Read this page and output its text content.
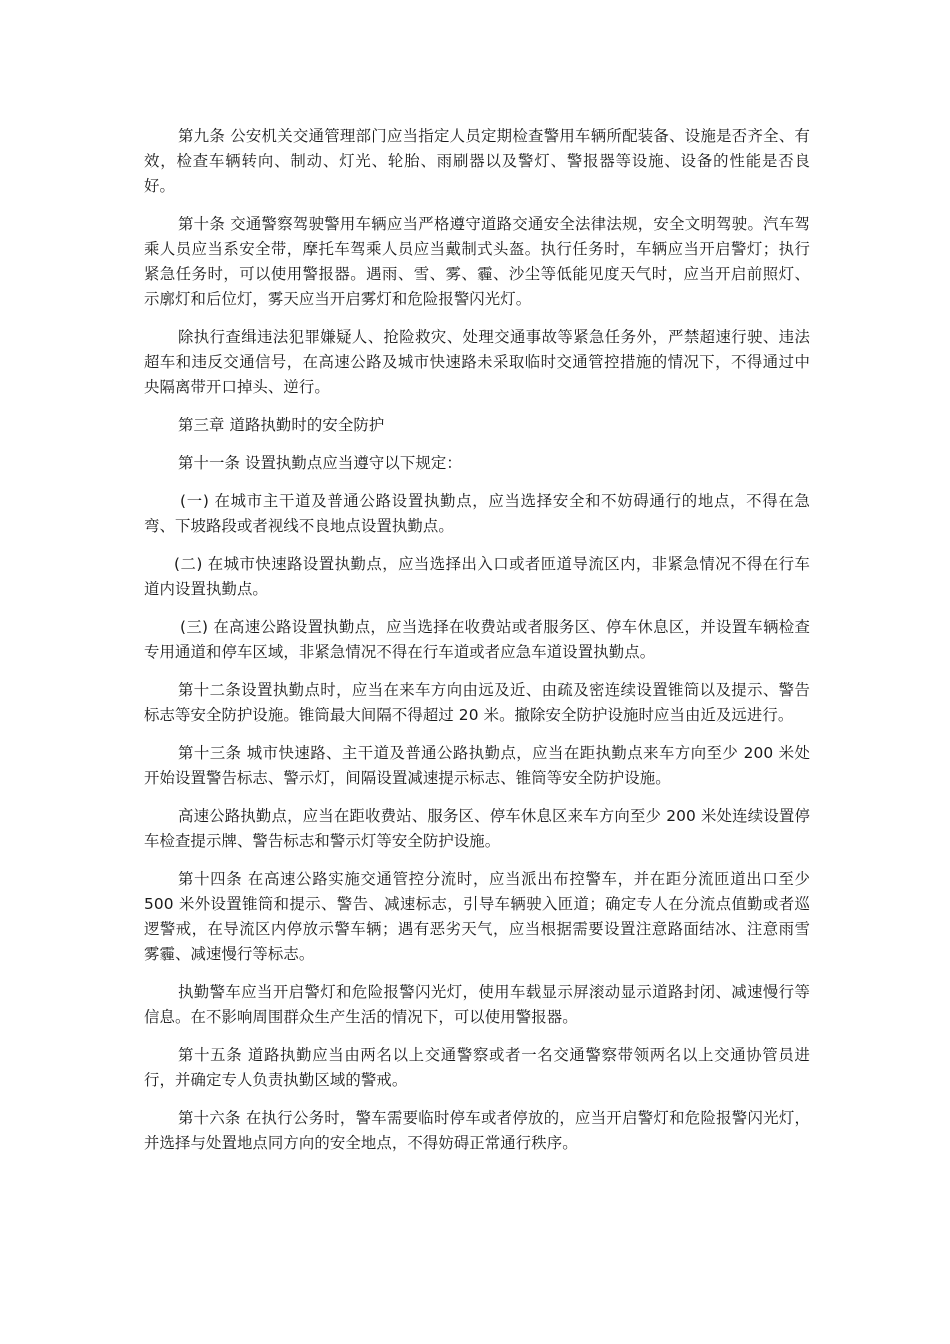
第九条 公安机关交通管理部门应当指定人员定期检查警用车辆所配装备、设施是否齐全、有效，检查车辆转向、制动、灯光、轮胎、雨刷器以及警灯、警报器等设施、设备的性能是否良好。

第十条 交通警察驾驶警用车辆应当严格遵守道路交通安全法律法规，安全文明驾驶。汽车驾乘人员应当系安全带，摩托车驾乘人员应当戴制式头盔。执行任务时，车辆应当开启警灯；执行紧急任务时，可以使用警报器。遇雨、雪、雾、霾、沙尘等低能见度天气时，应当开启前照灯、示廓灯和后位灯，雾天应当开启雾灯和危险报警闪光灯。

除执行查缉违法犯罪嫌疑人、抢险救灾、处理交通事故等紧急任务外，严禁超速行驶、违法超车和违反交通信号，在高速公路及城市快速路未采取临时交通管控措施的情况下，不得通过中央隔离带开口掉头、逆行。

第三章 道路执勤时的安全防护

第十一条 设置执勤点应当遵守以下规定：

(一) 在城市主干道及普通公路设置执勤点，应当选择安全和不妨碍通行的地点，不得在急弯、下坡路段或者视线不良地点设置执勤点。

(二) 在城市快速路设置执勤点，应当选择出入口或者匝道导流区内，非紧急情况不得在行车道内设置执勤点。

(三) 在高速公路设置执勤点，应当选择在收费站或者服务区、停车休息区，并设置车辆检查专用通道和停车区域，非紧急情况不得在行车道或者应急车道设置执勤点。

第十二条设置执勤点时，应当在来车方向由远及近、由疏及密连续设置锥筒以及提示、警告标志等安全防护设施。锥筒最大间隔不得超过 20 米。撤除安全防护设施时应当由近及远进行。

第十三条 城市快速路、主干道及普通公路执勤点，应当在距执勤点来车方向至少 200 米处开始设置警告标志、警示灯，间隔设置减速提示标志、锥筒等安全防护设施。

高速公路执勤点，应当在距收费站、服务区、停车休息区来车方向至少 200 米处连续设置停车检查提示牌、警告标志和警示灯等安全防护设施。

第十四条 在高速公路实施交通管控分流时，应当派出布控警车，并在距分流匝道出口至少 500 米外设置锥筒和提示、警告、减速标志，引导车辆驶入匝道；确定专人在分流点值勤或者巡逻警戒，在导流区内停放示警车辆；遇有恶劣天气，应当根据需要设置注意路面结冰、注意雨雪雾霾、减速慢行等标志。

执勤警车应当开启警灯和危险报警闪光灯，使用车载显示屏滚动显示道路封闭、减速慢行等信息。在不影响周围群众生产生活的情况下，可以使用警报器。

第十五条 道路执勤应当由两名以上交通警察或者一名交通警察带领两名以上交通协管员进行，并确定专人负责执勤区域的警戒。

第十六条 在执行公务时，警车需要临时停车或者停放的，应当开启警灯和危险报警闪光灯，并选择与处置地点同方向的安全地点，不得妨碍正常通行秩序。
